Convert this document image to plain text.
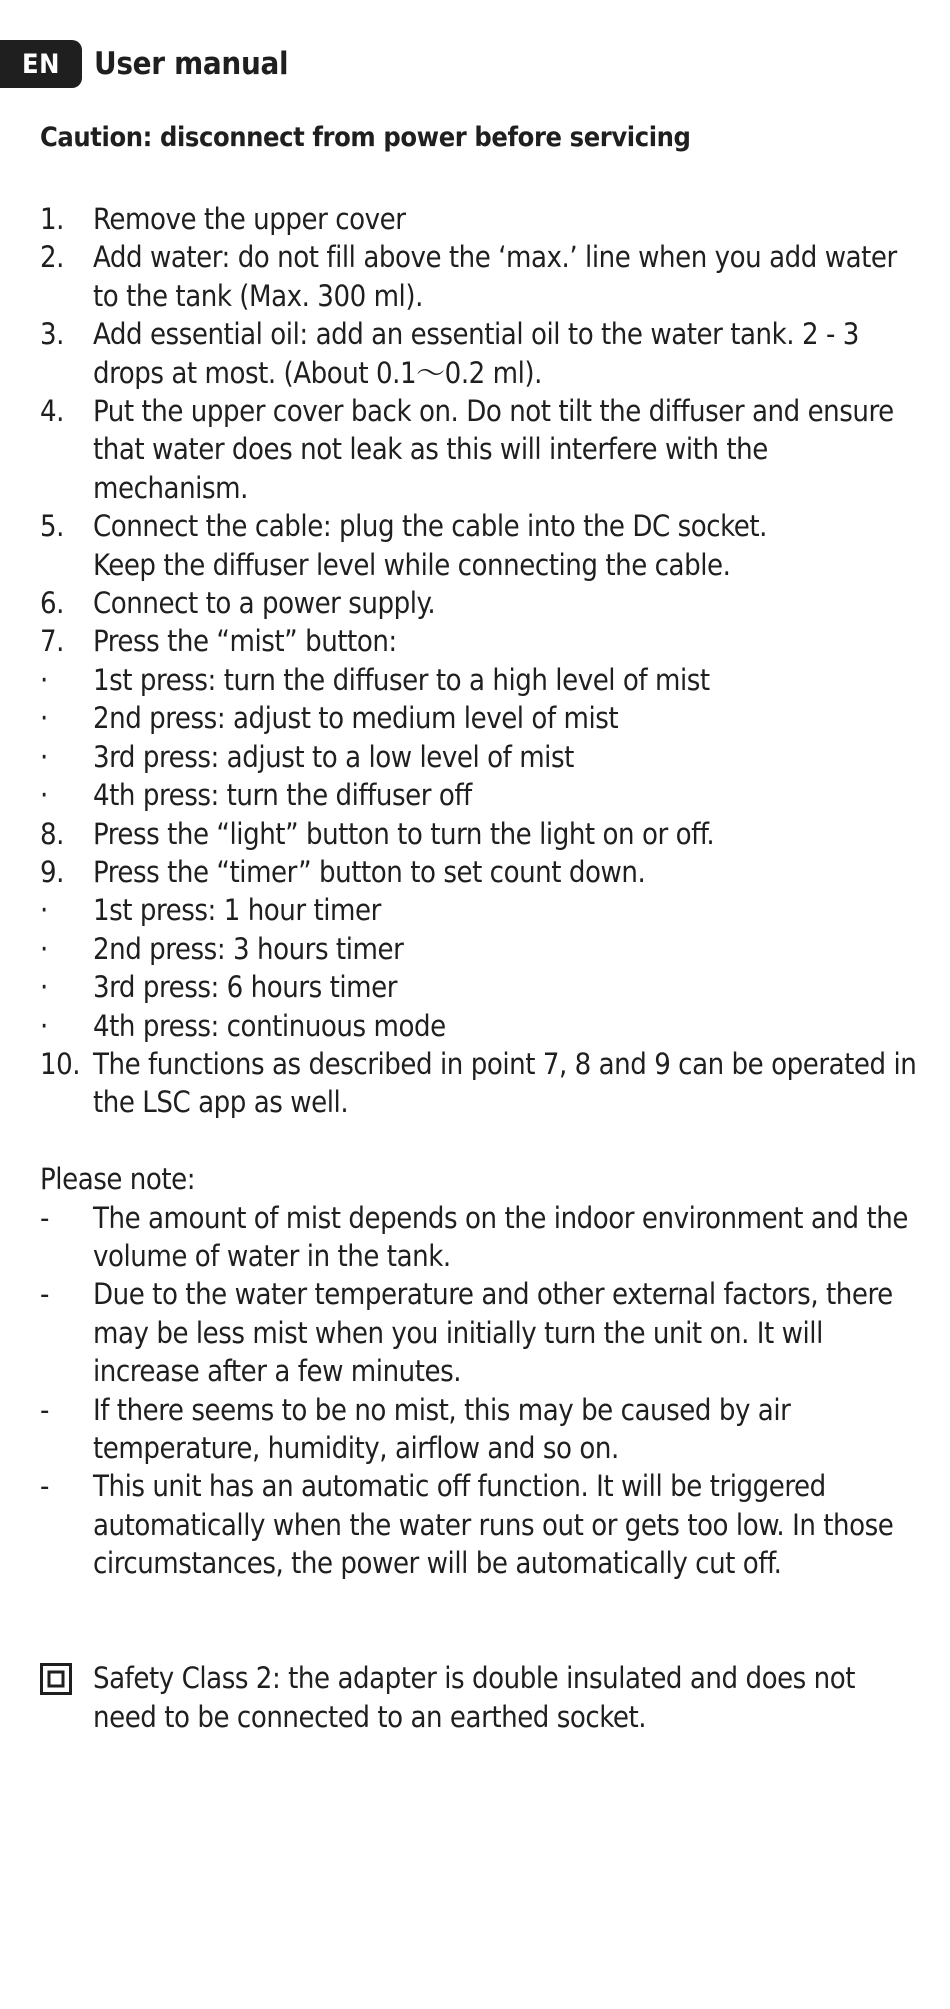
EN	User manual
Caution: disconnect from power before servicing
1.	Remove the upper cover
2.	Add water: do not fill above the ‘max.’ line when you add water to the tank (Max. 300 ml).
3.	Add essential oil: add an essential oil to the water tank. 2 - 3 drops at most. (About 0.1～0.2 ml).
4.	Put the upper cover back on. Do not tilt the diffuser and ensure that water does not leak as this will interfere with the mechanism.
5.	Connect the cable: plug the cable into the DC socket.
Keep the diffuser level while connecting the cable.
6.	Connect to a power supply.
7.	Press the “mist” button:
·	1st press: turn the diffuser to a high level of mist
·	2nd press: adjust to medium level of mist
·	3rd press: adjust to a low level of mist
·	4th press: turn the diffuser off
8.	Press the “light” button to turn the light on or off.
9.	Press the “timer” button to set count down.
·	1st press: 1 hour timer
·	2nd press: 3 hours timer
·	3rd press: 6 hours timer
·	4th press: continuous mode
10. The functions as described in point 7, 8 and 9 can be operated in the LSC app as well.
Please note:
-	The amount of mist depends on the indoor environment and the volume of water in the tank.
-	Due to the water temperature and other external factors, there may be less mist when you initially turn the unit on. It will increase after a few minutes.
-	If there seems to be no mist, this may be caused by air temperature, humidity, airflow and so on.
-	This unit has an automatic off function. It will be triggered automatically when the water runs out or gets too low. In those circumstances, the power will be automatically cut off.
Safety Class 2: the adapter is double insulated and does not need to be connected to an earthed socket.
